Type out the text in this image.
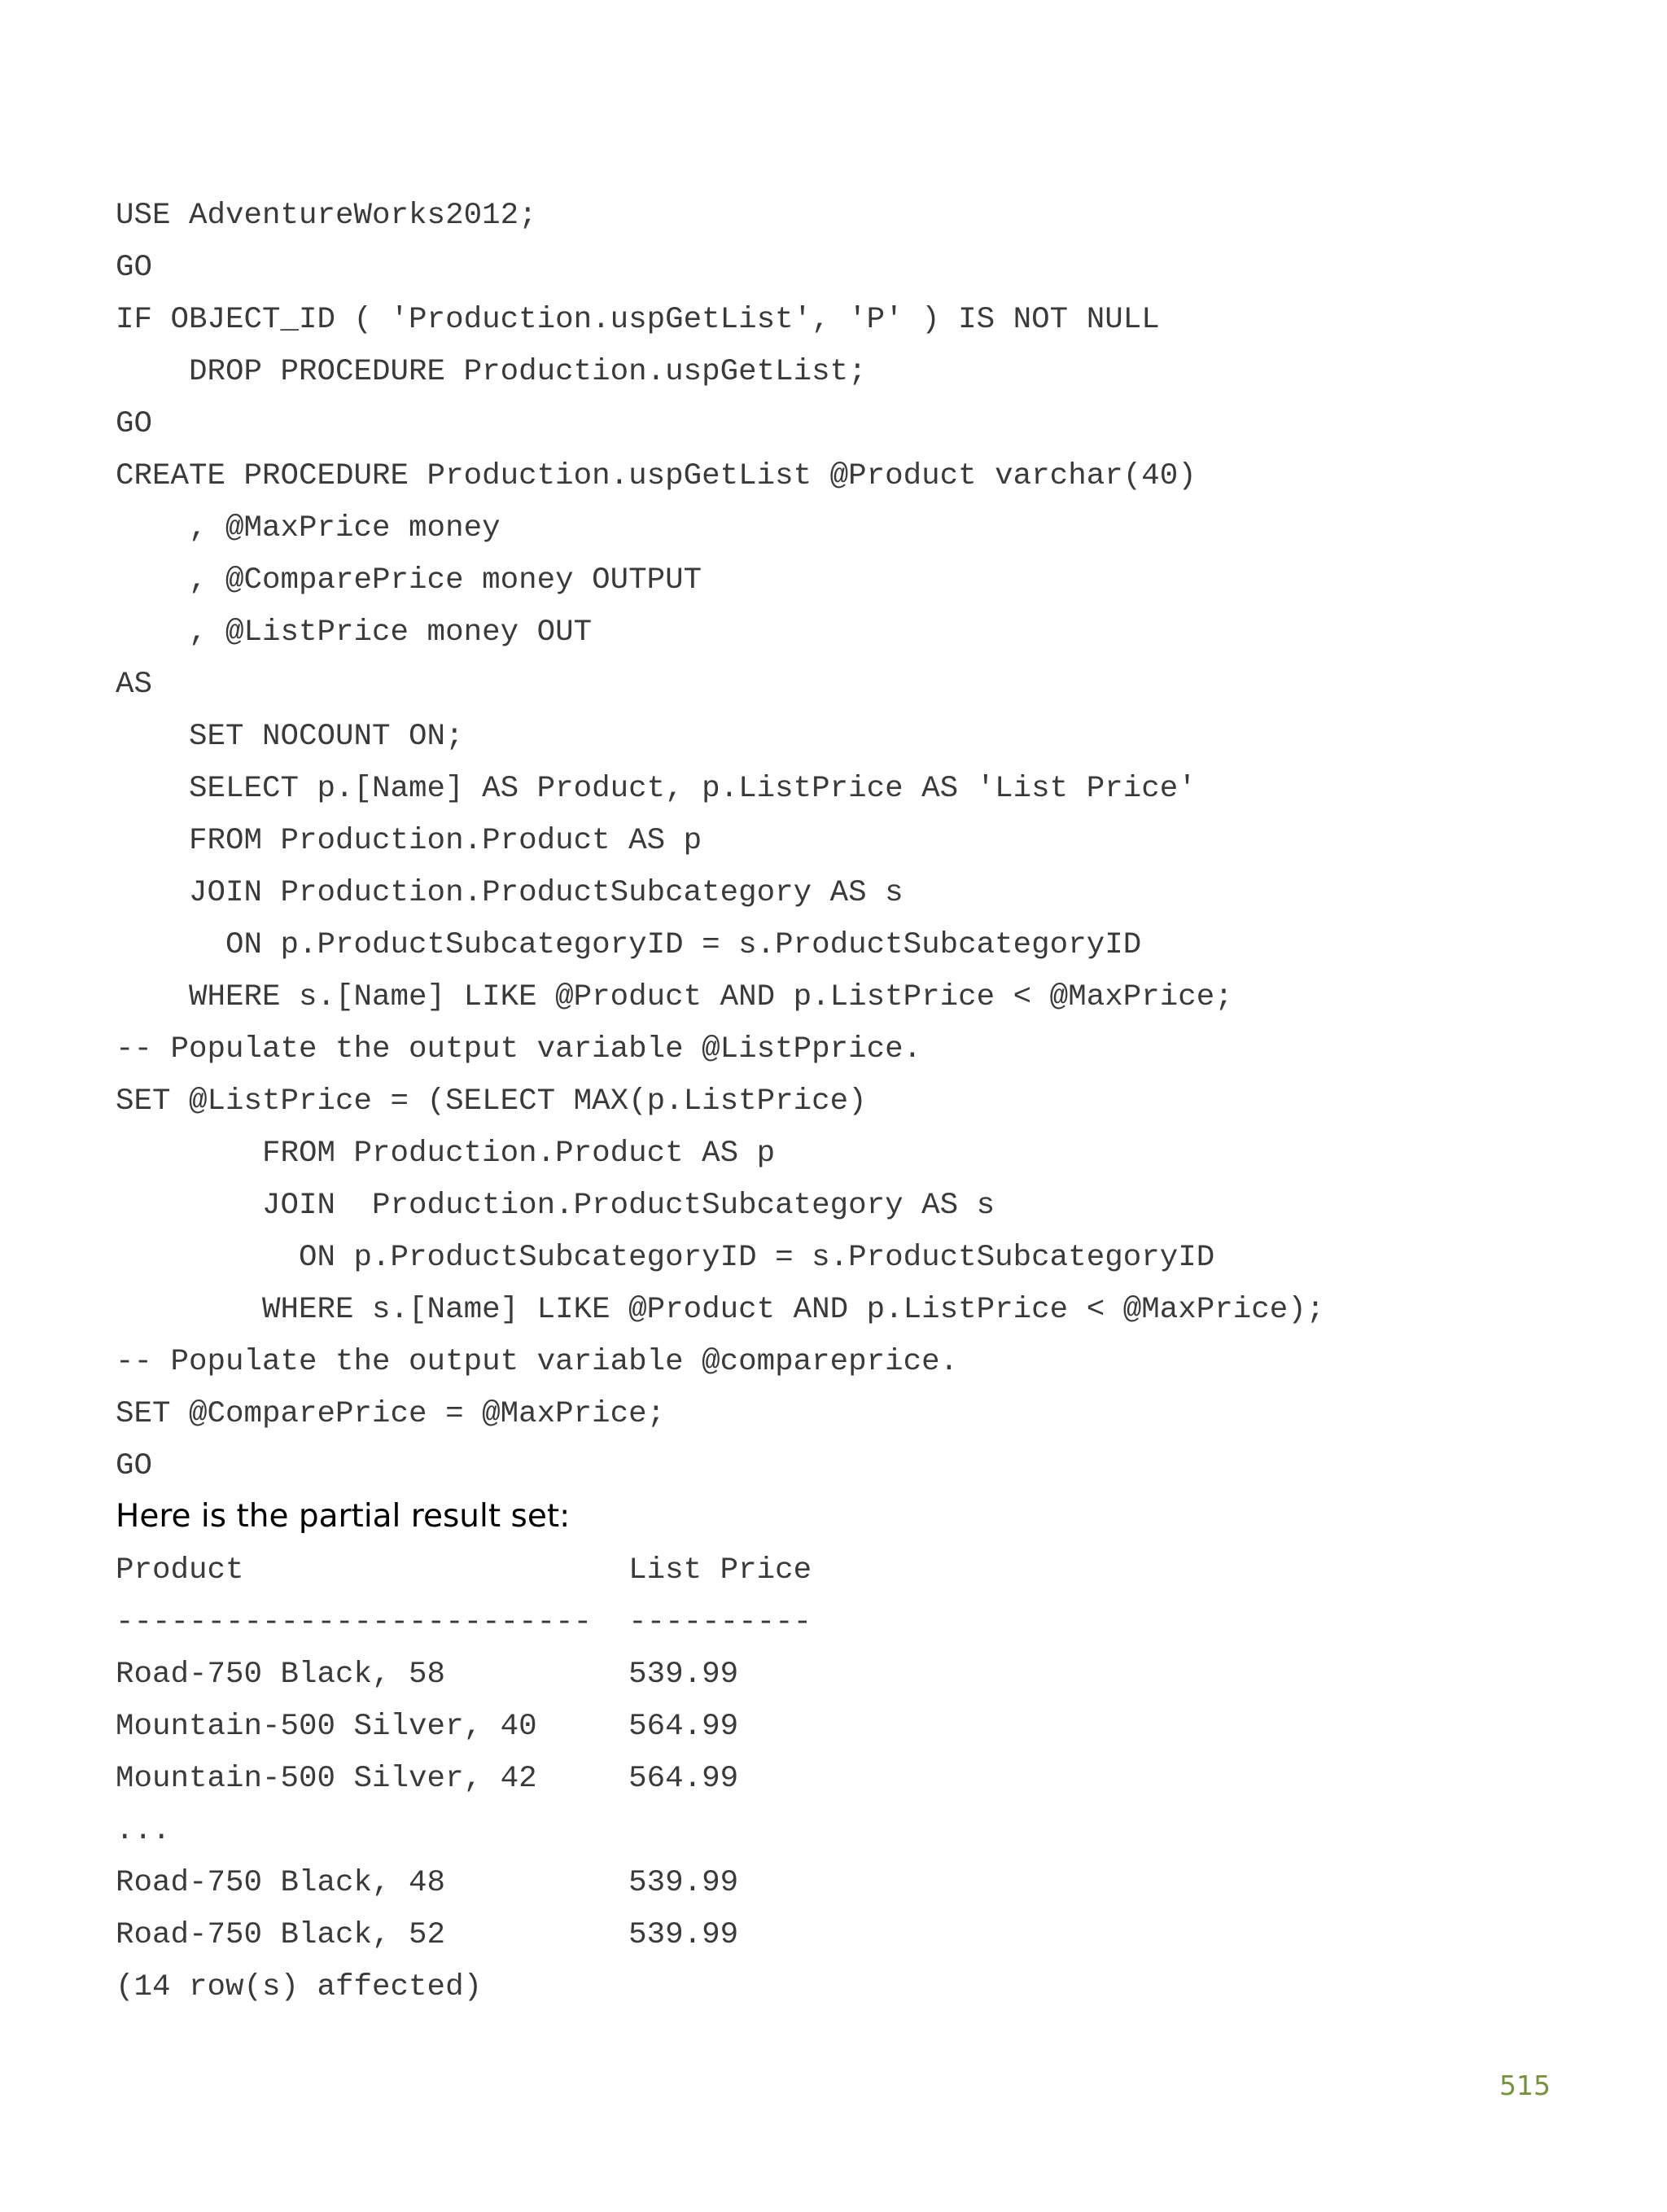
USE AdventureWorks2012;

GO

IF OBJECT_ID ( 'Production.uspGetList', 'P' ) IS NOT NULL

DROP PROCEDURE Production.uspGetList;

GO

CREATE PROCEDURE Production.uspGetList @Product varchar(40)

, @MaxPrice money

, @ComparePrice money OUTPUT

, @ListPrice money OUT

AS

SET NOCOUNT ON;

SELECT p.[Name] AS Product, p.ListPrice AS 'List Price'

FROM Production.Product AS p

JOIN Production.ProductSubcategory AS s

ON p.ProductSubcategoryID = s.ProductSubcategoryID

WHERE s.[Name] LIKE @Product AND p.ListPrice < @MaxPrice;

-- Populate the output variable @ListPprice.

SET @ListPrice = (SELECT MAX(p.ListPrice)

FROM Production.Product AS p

JOIN  Production.ProductSubcategory AS s

ON p.ProductSubcategoryID = s.ProductSubcategoryID

WHERE s.[Name] LIKE @Product AND p.ListPrice < @MaxPrice);

-- Populate the output variable @compareprice.

SET @ComparePrice = @MaxPrice;

GO

Here is the partial result set:

Product                     List Price

--------------------------  ----------

Road-750 Black, 58          539.99

Mountain-500 Silver, 40     564.99

Mountain-500 Silver, 42     564.99

...

Road-750 Black, 48          539.99

Road-750 Black, 52          539.99

(14 row(s) affected)

515
